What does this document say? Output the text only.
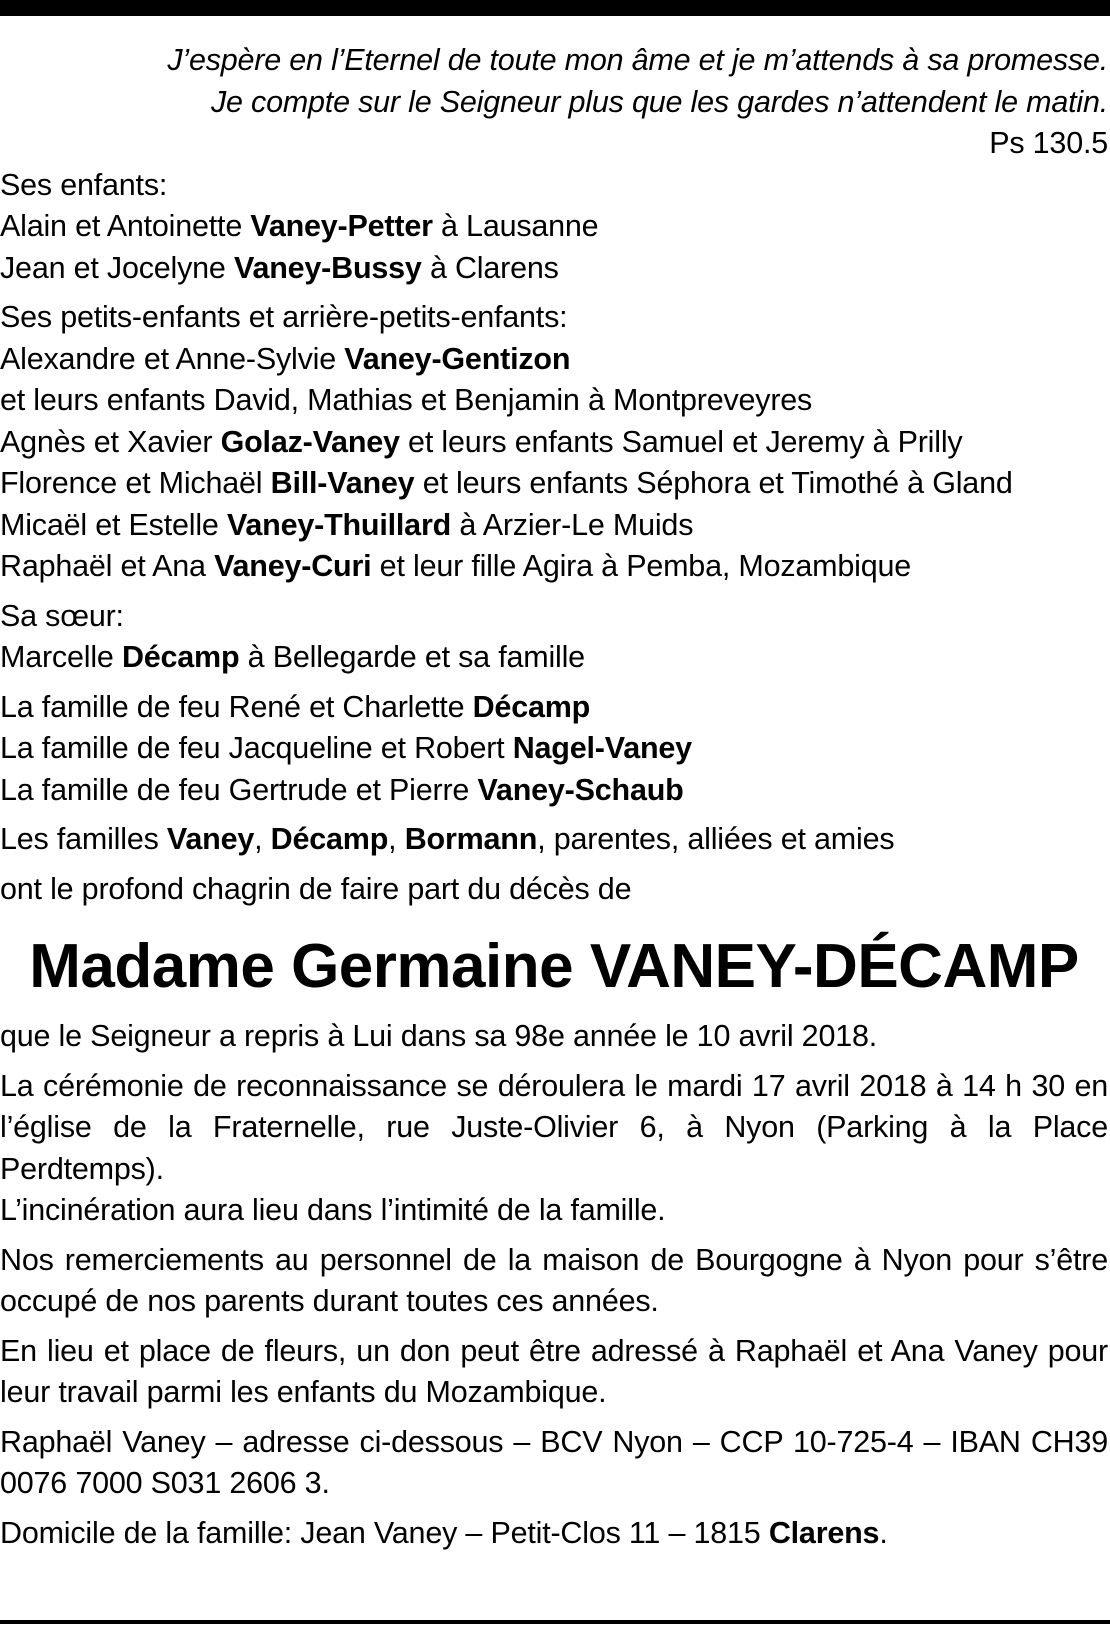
J’espère en l’Eternel de toute mon âme et je m’attends à sa promesse.
Je compte sur le Seigneur plus que les gardes n’attendent le matin.
Ps 130.5
Ses enfants:
Alain et Antoinette Vaney-Petter à Lausanne
Jean et Jocelyne Vaney-Bussy à Clarens
Ses petits-enfants et arrière-petits-enfants:
Alexandre et Anne-Sylvie Vaney-Gentizon
et leurs enfants David, Mathias et Benjamin à Montpreveyres
Agnès et Xavier Golaz-Vaney et leurs enfants Samuel et Jeremy à Prilly
Florence et Michaël Bill-Vaney et leurs enfants Séphora et Timothé à Gland
Micaël et Estelle Vaney-Thuillard à Arzier-Le Muids
Raphaël et Ana Vaney-Curi et leur fille Agira à Pemba, Mozambique
Sa sœur:
Marcelle Décamp à Bellegarde et sa famille
La famille de feu René et Charlette Décamp
La famille de feu Jacqueline et Robert Nagel-Vaney
La famille de feu Gertrude et Pierre Vaney-Schaub
Les familles Vaney, Décamp, Bormann, parentes, alliées et amies
ont le profond chagrin de faire part du décès de
Madame Germaine VANEY-DÉCAMP
que le Seigneur a repris à Lui dans sa 98e année le 10 avril 2018.
La cérémonie de reconnaissance se déroulera le mardi 17 avril 2018 à 14 h 30 en l’église de la Fraternelle, rue Juste-Olivier 6, à Nyon (Parking à la Place Perdtemps).
L’incinération aura lieu dans l’intimité de la famille.
Nos remerciements au personnel de la maison de Bourgogne à Nyon pour s’être occupé de nos parents durant toutes ces années.
En lieu et place de fleurs, un don peut être adressé à Raphaël et Ana Vaney pour leur travail parmi les enfants du Mozambique.
Raphaël Vaney – adresse ci-dessous – BCV Nyon – CCP 10-725-4 – IBAN CH39 0076 7000 S031 2606 3.
Domicile de la famille: Jean Vaney – Petit-Clos 11 – 1815 Clarens.
